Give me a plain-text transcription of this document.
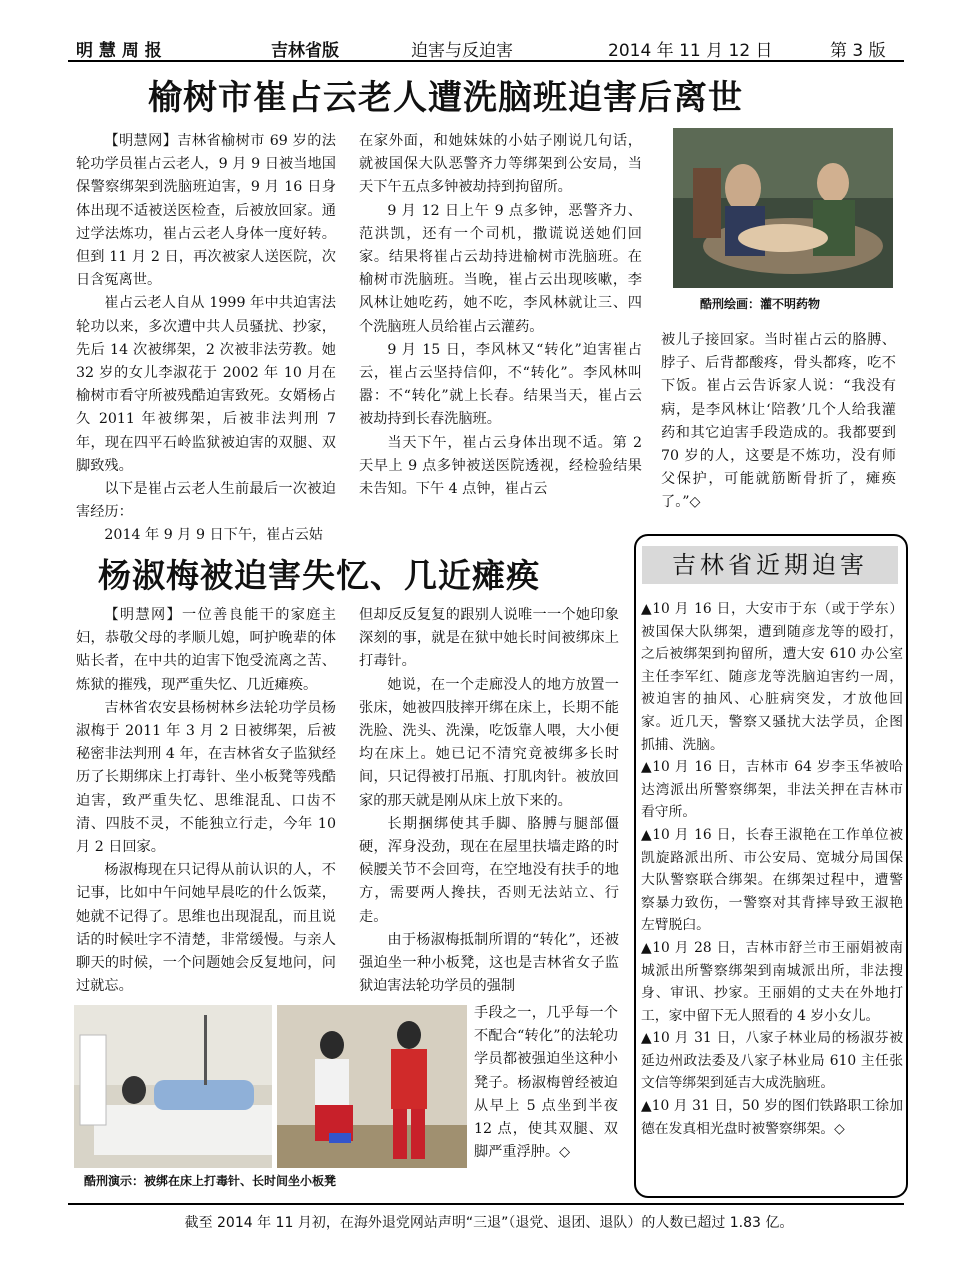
明 慧 周 报	吉林省版	迫害与反迫害	2014 年 11 月 12 日	第 3 版
榆树市崔占云老人遭洗脑班迫害后离世

【明慧网】吉林省榆树市 69 岁的法轮功学员崔占云老人，9 月 9 日被当地国保警察绑架到洗脑班迫害，9 月 16 日身体出现不适被送医检查，后被放回家。通过学法炼功，崔占云老人身体一度好转。但到 11 月 2 日，再次被家人送医院，次日含冤离世。

崔占云老人自从 1999 年中共迫害法轮功以来，多次遭中共人员骚扰、抄家，先后 14 次被绑架，2 次被非法劳教。她 32 岁的女儿李淑花于 2002 年 10 月在榆树市看守所被残酷迫害致死。女婿杨占久 2011 年被绑架，后被非法判刑 7 年，现在四平石岭监狱被迫害的双腿、双脚致残。

以下是崔占云老人生前最后一次被迫害经历：

2014 年 9 月 9 日下午，崔占云姑

在家外面，和她妹妹的小姑子刚说几句话，就被国保大队恶警齐力等绑架到公安局，当天下午五点多钟被劫持到拘留所。

9 月 12 日上午 9 点多钟，恶警齐力、范洪凯，还有一个司机，撒谎说送她们回家。结果将崔占云劫持进榆树市洗脑班。在榆树市洗脑班。当晚，崔占云出现咳嗽，李风林让她吃药，她不吃，李风林就让三、四个洗脑班人员给崔占云灌药。

9 月 15 日，李风林又“转化”迫害崔占云，崔占云坚持信仰，不“转化”。李风林叫嚣：不“转化”就上长春。结果当天，崔占云被劫持到长春洗脑班。

当天下午，崔占云身体出现不适。第 2 天早上 9 点多钟被送医院透视，经检验结果未告知。下午 4 点钟，崔占云

酷刑绘画：灌不明药物

被儿子接回家。当时崔占云的胳膊、脖子、后背都酸疼，骨头都疼，吃不下饭。崔占云告诉家人说：“我没有病，是李风林让‘陪教’几个人给我灌药和其它迫害手段造成的。我都要到 70 岁的人，这要是不炼功，没有师父保护，可能就筋断骨折了，瘫痪了。”◇

杨淑梅被迫害失忆、几近瘫痪

【明慧网】一位善良能干的家庭主妇，恭敬父母的孝顺儿媳，呵护晚辈的体贴长者，在中共的迫害下饱受流离之苦、炼狱的摧残，现严重失忆、几近瘫痪。

吉林省农安县杨树林乡法轮功学员杨淑梅于 2011 年 3 月 2 日被绑架，后被秘密非法判刑 4 年，在吉林省女子监狱经历了长期绑床上打毒针、坐小板凳等残酷迫害，致严重失忆、思维混乱、口齿不清、四肢不灵，不能独立行走，今年 10 月 2 日回家。

杨淑梅现在只记得从前认识的人，不记事，比如中午问她早晨吃的什么饭菜，她就不记得了。思维也出现混乱，而且说话的时候吐字不清楚，非常缓慢。与亲人聊天的时候，一个问题她会反复地问，问过就忘。

但却反反复复的跟别人说唯一一个她印象深刻的事，就是在狱中她长时间被绑床上打毒针。

她说，在一个走廊没人的地方放置一张床，她被四肢摔开绑在床上，长期不能洗脸、洗头、洗澡，吃饭靠人喂，大小便均在床上。她已记不清究竟被绑多长时间，只记得被打吊瓶、打肌肉针。被放回家的那天就是刚从床上放下来的。

长期捆绑使其手脚、胳膊与腿部僵硬，浑身没劲，现在在屋里扶墙走路的时候腰关节不会回弯，在空地没有扶手的地方，需要两人搀扶，否则无法站立、行走。

由于杨淑梅抵制所谓的“转化”，还被强迫坐一种小板凳，这也是吉林省女子监狱迫害法轮功学员的强制

酷刑演示：被绑在床上打毒针、长时间坐小板凳

手段之一，几乎每一个不配合“转化”的法轮功学员都被强迫坐这种小凳子。杨淑梅曾经被迫从早上 5 点坐到半夜 12 点，使其双腿、双脚严重浮肿。◇

吉林省近期迫害

▲10 月 16 日，大安市于东（或于学东）被国保大队绑架，遭到随彦龙等的殴打，之后被绑架到拘留所，遭大安 610 办公室主任李军红、随彦龙等洗脑迫害约一周，被迫害的抽风、心脏病突发，才放他回家。近几天，警察又骚扰大法学员，企图抓捕、洗脑。

▲10 月 16 日，吉林市 64 岁李玉华被哈达湾派出所警察绑架，非法关押在吉林市看守所。

▲10 月 16 日，长春王淑艳在工作单位被凯旋路派出所、市公安局、宽城分局国保大队警察联合绑架。在绑架过程中，遭警察暴力致伤，一警察对其背摔导致王淑艳左臂脱臼。

▲10 月 28 日，吉林市舒兰市王丽娟被南城派出所警察绑架到南城派出所，非法搜身、审讯、抄家。王丽娟的丈夫在外地打工，家中留下无人照看的 4 岁小女儿。

▲10 月 31 日，八家子林业局的杨淑芬被延边州政法委及八家子林业局 610 主任张文信等绑架到延吉大成洗脑班。

▲10 月 31 日，50 岁的图们铁路职工徐加德在发真相光盘时被警察绑架。◇

截至 2014 年 11 月初，在海外退党网站声明“三退”（退党、退团、退队）的人数已超过 1.83 亿。
